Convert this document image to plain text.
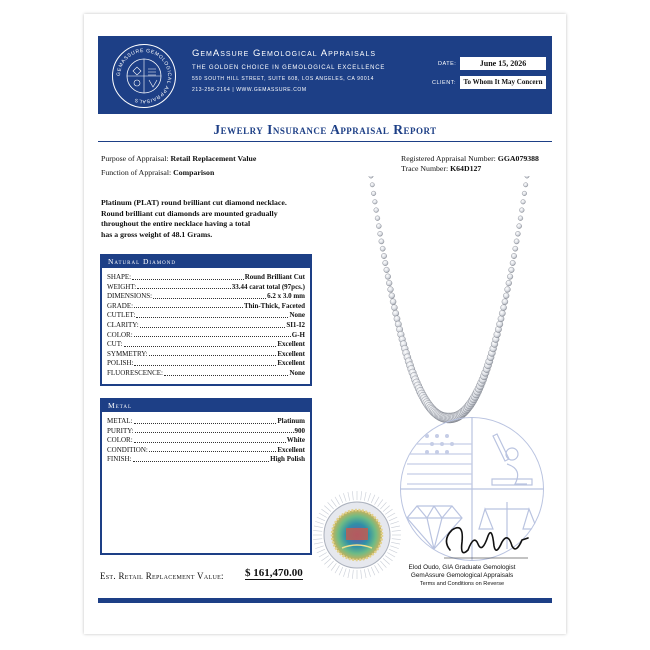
GEMASSURE GEMOLOGICAL APPRAISALS
GemAssure Gemological Appraisals
THE GOLDEN CHOICE IN GEMOLOGICAL EXCELLENCE
550 SOUTH HILL STREET, SUITE 608, LOS ANGELES, CA 90014
213-258-2164 | WWW.GEMASSURE.COM
DATE:	June 15, 2026
CLIENT:	To Whom It May Concern
Jewelry Insurance Appraisal Report
Purpose of Appraisal: Retail Replacement Value
Function of Appraisal: Comparison
Registered Appraisal Number: GGA079388
Trace Number: K64D127
Platinum (PLAT) round brilliant cut diamond necklace.
Round brilliant cut diamonds are mounted gradually
throughout the entire necklace having a total
has a gross weight of 48.1 Grams.
Natural Diamond
SHAPE:	Round Brilliant Cut
WEIGHT:	33.44 carat total (97pcs.)
DIMENSIONS:	6.2 x 3.0 mm
GRADE:	Thin-Thick, Faceted
CUTLET:	None
CLARITY:	SI1-I2
COLOR:	G-H
CUT:	Excellent
SYMMETRY:	Excellent
POLISH:	Excellent
FLUORESCENCE:	None
Metal
METAL:	Platinum
PURITY:	.900
COLOR:	White
CONDITION:	Excellent
FINISH:	High Polish
Elod Oudo, GIA Graduate Gemologist
GemAssure Gemological Appraisals
Terms and Conditions on Reverse
Est. Retail Replacement Value: $ 161,470.00
